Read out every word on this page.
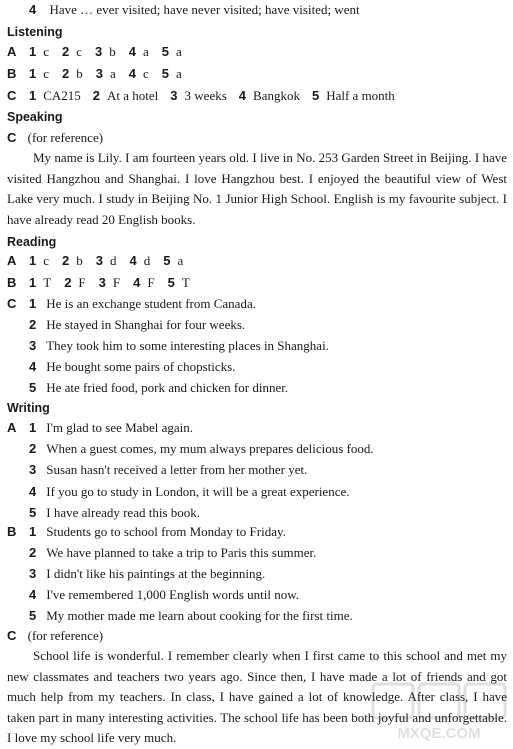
4 Have … ever visited; have never visited; have visited; went
Listening
A 1 c 2 c 3 b 4 a 5 a
B 1 c 2 b 3 a 4 c 5 a
C 1 CA215 2 At a hotel 3 3 weeks 4 Bangkok 5 Half a month
Speaking
C (for reference)
My name is Lily. I am fourteen years old. I live in No. 253 Garden Street in Beijing. I have visited Hangzhou and Shanghai. I love Hangzhou best. I enjoyed the beautiful view of West Lake very much. I study in Beijing No. 1 Junior High School. English is my favourite subject. I have already read 20 English books.
Reading
A 1 c 2 b 3 d 4 d 5 a
B 1 T 2 F 3 F 4 F 5 T
C 1 He is an exchange student from Canada.
2 He stayed in Shanghai for four weeks.
3 They took him to some interesting places in Shanghai.
4 He bought some pairs of chopsticks.
5 He ate fried food, pork and chicken for dinner.
Writing
A 1 I'm glad to see Mabel again.
2 When a guest comes, my mum always prepares delicious food.
3 Susan hasn't received a letter from her mother yet.
4 If you go to study in London, it will be a great experience.
5 I have already read this book.
B 1 Students go to school from Monday to Friday.
2 We have planned to take a trip to Paris this summer.
3 I didn't like his paintings at the beginning.
4 I've remembered 1,000 English words until now.
5 My mother made me learn about cooking for the first time.
C (for reference)
School life is wonderful. I remember clearly when I first came to this school and met my new classmates and teachers two years ago. Since then, I have made a lot of friends and got much help from my teachers. In class, I have gained a lot of knowledge. After class, I have taken part in many interesting activities. The school life has been both joyful and unforgettable. I love my school life very much.	MXQE.COM
